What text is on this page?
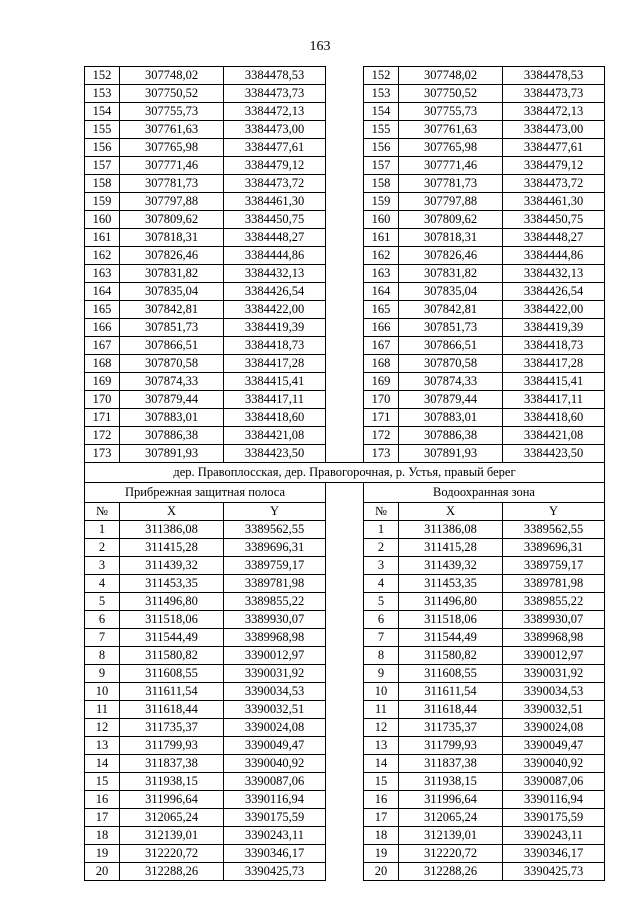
163
152	307748,02	3384478,53		152	307748,02	3384478,53
153	307750,52	3384473,73		153	307750,52	3384473,73
154	307755,73	3384472,13		154	307755,73	3384472,13
155	307761,63	3384473,00		155	307761,63	3384473,00
156	307765,98	3384477,61		156	307765,98	3384477,61
157	307771,46	3384479,12		157	307771,46	3384479,12
158	307781,73	3384473,72		158	307781,73	3384473,72
159	307797,88	3384461,30		159	307797,88	3384461,30
160	307809,62	3384450,75		160	307809,62	3384450,75
161	307818,31	3384448,27		161	307818,31	3384448,27
162	307826,46	3384444,86		162	307826,46	3384444,86
163	307831,82	3384432,13		163	307831,82	3384432,13
164	307835,04	3384426,54		164	307835,04	3384426,54
165	307842,81	3384422,00		165	307842,81	3384422,00
166	307851,73	3384419,39		166	307851,73	3384419,39
167	307866,51	3384418,73		167	307866,51	3384418,73
168	307870,58	3384417,28		168	307870,58	3384417,28
169	307874,33	3384415,41		169	307874,33	3384415,41
170	307879,44	3384417,11		170	307879,44	3384417,11
171	307883,01	3384418,60		171	307883,01	3384418,60
172	307886,38	3384421,08		172	307886,38	3384421,08
173	307891,93	3384423,50		173	307891,93	3384423,50
дер. Правоплосская, дер. Правогорочная, р. Устья, правый берег						
Прибрежная защитная полоса				Водоохранная зона		
№	X	Y		№	X	Y
1	311386,08	3389562,55		1	311386,08	3389562,55
2	311415,28	3389696,31		2	311415,28	3389696,31
3	311439,32	3389759,17		3	311439,32	3389759,17
4	311453,35	3389781,98		4	311453,35	3389781,98
5	311496,80	3389855,22		5	311496,80	3389855,22
6	311518,06	3389930,07		6	311518,06	3389930,07
7	311544,49	3389968,98		7	311544,49	3389968,98
8	311580,82	3390012,97		8	311580,82	3390012,97
9	311608,55	3390031,92		9	311608,55	3390031,92
10	311611,54	3390034,53		10	311611,54	3390034,53
11	311618,44	3390032,51		11	311618,44	3390032,51
12	311735,37	3390024,08		12	311735,37	3390024,08
13	311799,93	3390049,47		13	311799,93	3390049,47
14	311837,38	3390040,92		14	311837,38	3390040,92
15	311938,15	3390087,06		15	311938,15	3390087,06
16	311996,64	3390116,94		16	311996,64	3390116,94
17	312065,24	3390175,59		17	312065,24	3390175,59
18	312139,01	3390243,11		18	312139,01	3390243,11
19	312220,72	3390346,17		19	312220,72	3390346,17
20	312288,26	3390425,73		20	312288,26	3390425,73
